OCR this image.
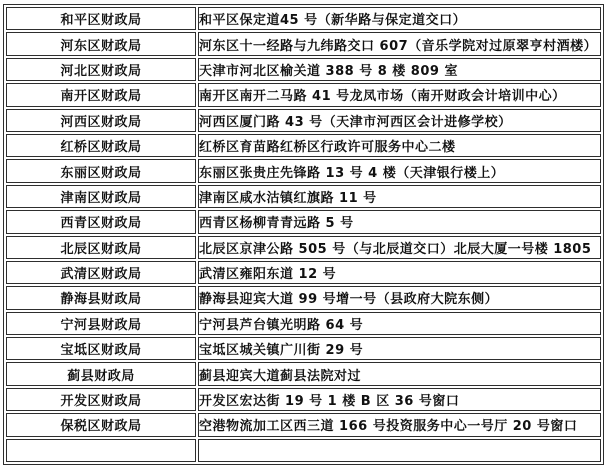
和平区财政局	和平区保定道45 号（新华路与保定道交口）
河东区财政局	河东区十一经路与九纬路交口 607（音乐学院对过原翠亨村酒楼）
河北区财政局	天津市河北区榆关道 388 号 8 楼 809 室
南开区财政局	南开区南开二马路 41 号龙凤市场（南开财政会计培训中心）
河西区财政局	河西区厦门路 43 号（天津市河西区会计进修学校）
红桥区财政局	红桥区育苗路红桥区行政许可服务中心二楼
东丽区财政局	东丽区张贵庄先锋路 13 号 4 楼（天津银行楼上）
津南区财政局	津南区咸水沽镇红旗路 11 号
西青区财政局	西青区杨柳青青远路 5 号
北辰区财政局	北辰区京津公路 505 号（与北辰道交口）北辰大厦一号楼 1805
武清区财政局	武清区雍阳东道 12 号
静海县财政局	静海县迎宾大道 99 号增一号（县政府大院东侧）
宁河县财政局	宁河县芦台镇光明路 64 号
宝坻区财政局	宝坻区城关镇广川街 29 号
蓟县财政局	蓟县迎宾大道蓟县法院对过
开发区财政局	开发区宏达街 19 号 1 楼 B 区 36 号窗口
保税区财政局	空港物流加工区西三道 166 号投资服务中心一号厅 20 号窗口
